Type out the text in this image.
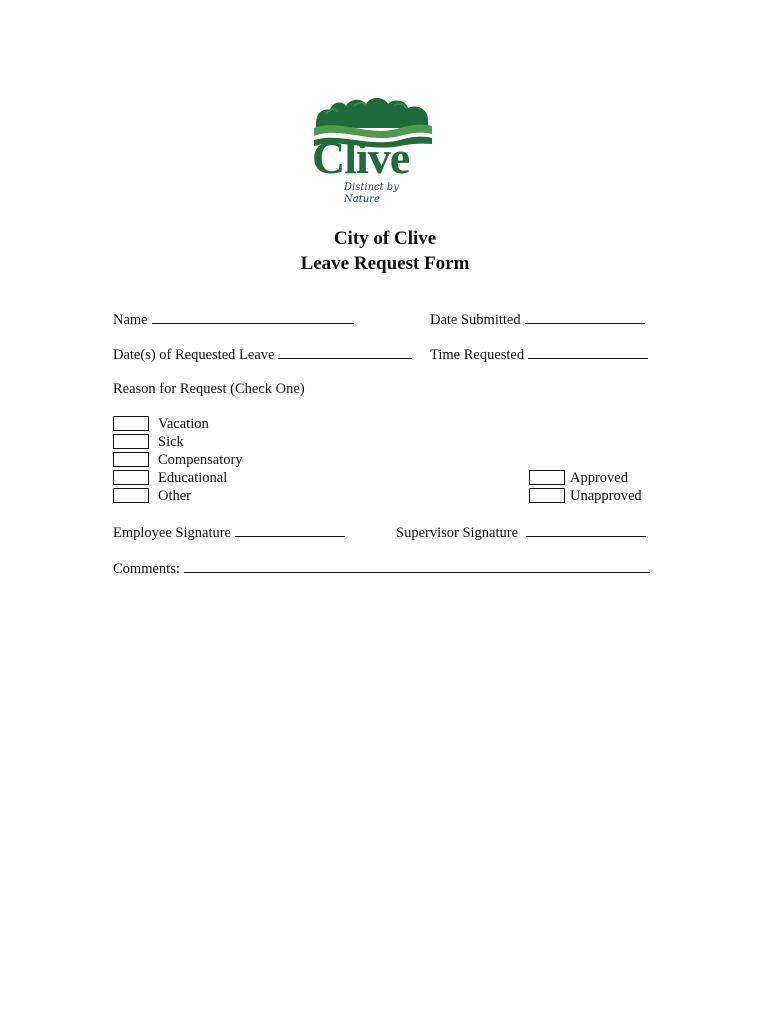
Clive
Distinct by Nature
City of Clive
Leave Request Form
Name	Date Submitted
Date(s) of Requested Leave	Time Requested
Reason for Request (Check One)
Vacation
Sick
Compensatory
Educational
Other
Approved
Unapproved
Employee Signature	Supervisor Signature
Comments:
